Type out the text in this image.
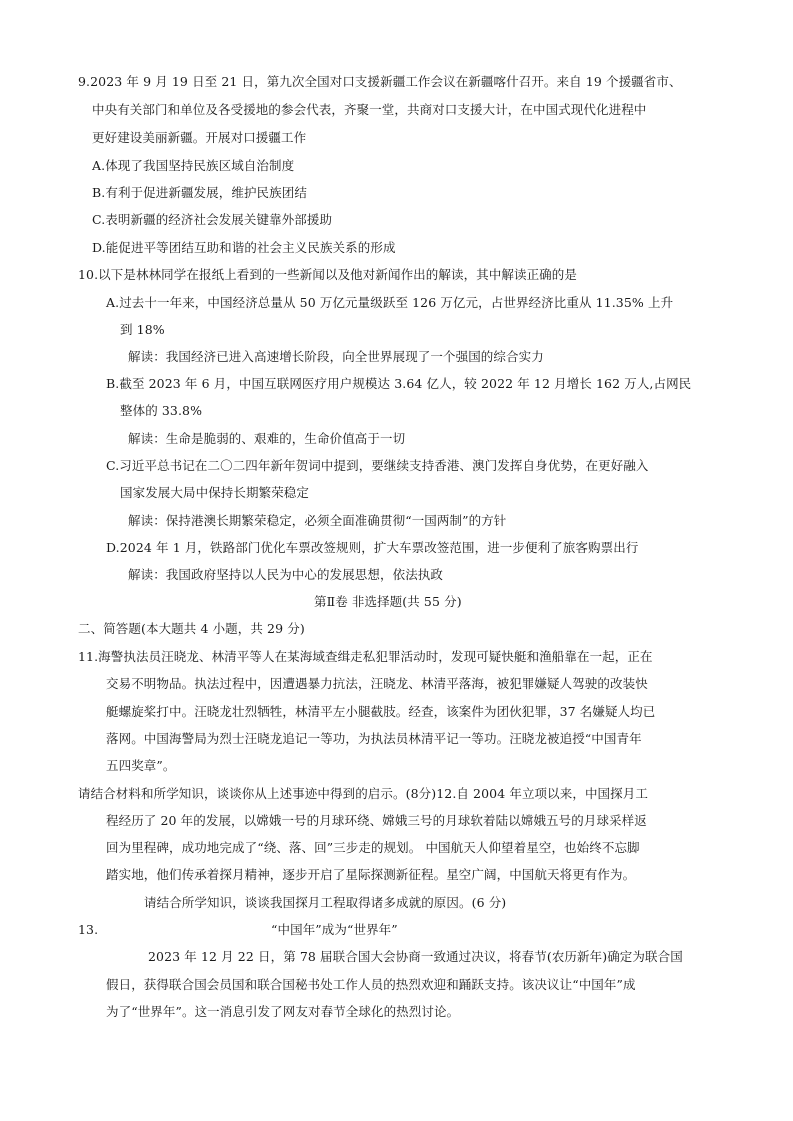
9.2023 年 9 月 19 日至 21 日，第九次全国对口支援新疆工作会议在新疆喀什召开。来自 19 个援疆省市、
中央有关部门和单位及各受援地的参会代表，齐聚一堂，共商对口支援大计，在中国式现代化进程中
更好建设美丽新疆。开展对口援疆工作
A.体现了我国坚持民族区域自治制度
B.有利于促进新疆发展，维护民族团结
C.表明新疆的经济社会发展关键靠外部援助
D.能促进平等团结互助和谐的社会主义民族关系的形成
10.以下是林林同学在报纸上看到的一些新闻以及他对新闻作出的解读，其中解读正确的是
A.过去十一年来，中国经济总量从 50 万亿元量级跃至 126 万亿元，占世界经济比重从 11.35% 上升
到 18%
解读：我国经济已进入高速增长阶段，向全世界展现了一个强国的综合实力
B.截至 2023 年 6 月，中国互联网医疗用户规模达 3.64 亿人，较 2022 年 12 月增长 162 万人,占网民
整体的 33.8%
解读：生命是脆弱的、艰难的，生命价值高于一切
C.习近平总书记在二〇二四年新年贺词中提到，要继续支持香港、澳门发挥自身优势，在更好融入
国家发展大局中保持长期繁荣稳定
解读：保持港澳长期繁荣稳定，必须全面准确贯彻“一国两制”的方针
D.2024 年 1 月，铁路部门优化车票改签规则，扩大车票改签范围，进一步便利了旅客购票出行
解读：我国政府坚持以人民为中心的发展思想，依法执政
第Ⅱ卷 非选择题(共 55 分)
二、简答题(本大题共 4 小题，共 29 分)
11.海警执法员汪晓龙、林清平等人在某海域查缉走私犯罪活动时，发现可疑快艇和渔船靠在一起，正在
交易不明物品。执法过程中，因遭遇暴力抗法，汪晓龙、林清平落海，被犯罪嫌疑人驾驶的改装快
艇螺旋桨打中。汪晓龙壮烈牺牲，林清平左小腿截肢。经查，该案件为团伙犯罪，37 名嫌疑人均已
落网。中国海警局为烈士汪晓龙追记一等功，为执法员林清平记一等功。汪晓龙被追授“中国青年
五四奖章”。
请结合材料和所学知识，谈谈你从上述事迹中得到的启示。(8分)12.自 2004 年立项以来，中国探月工
程经历了 20 年的发展，以嫦娥一号的月球环绕、嫦娥三号的月球软着陆以嫦娥五号的月球采样返
回为里程碑，成功地完成了“绕、落、回”三步走的规划。 中国航天人仰望着星空，也始终不忘脚
踏实地，他们传承着探月精神，逐步开启了星际探测新征程。星空广阔，中国航天将更有作为。
请结合所学知识，谈谈我国探月工程取得诸多成就的原因。(6 分)
13.	“中国年”成为“世界年”
2023 年 12 月 22 日，第 78 届联合国大会协商一致通过决议，将春节(农历新年)确定为联合国
假日，获得联合国会员国和联合国秘书处工作人员的热烈欢迎和踊跃支持。该决议让“中国年”成
为了“世界年”。这一消息引发了网友对春节全球化的热烈讨论。
